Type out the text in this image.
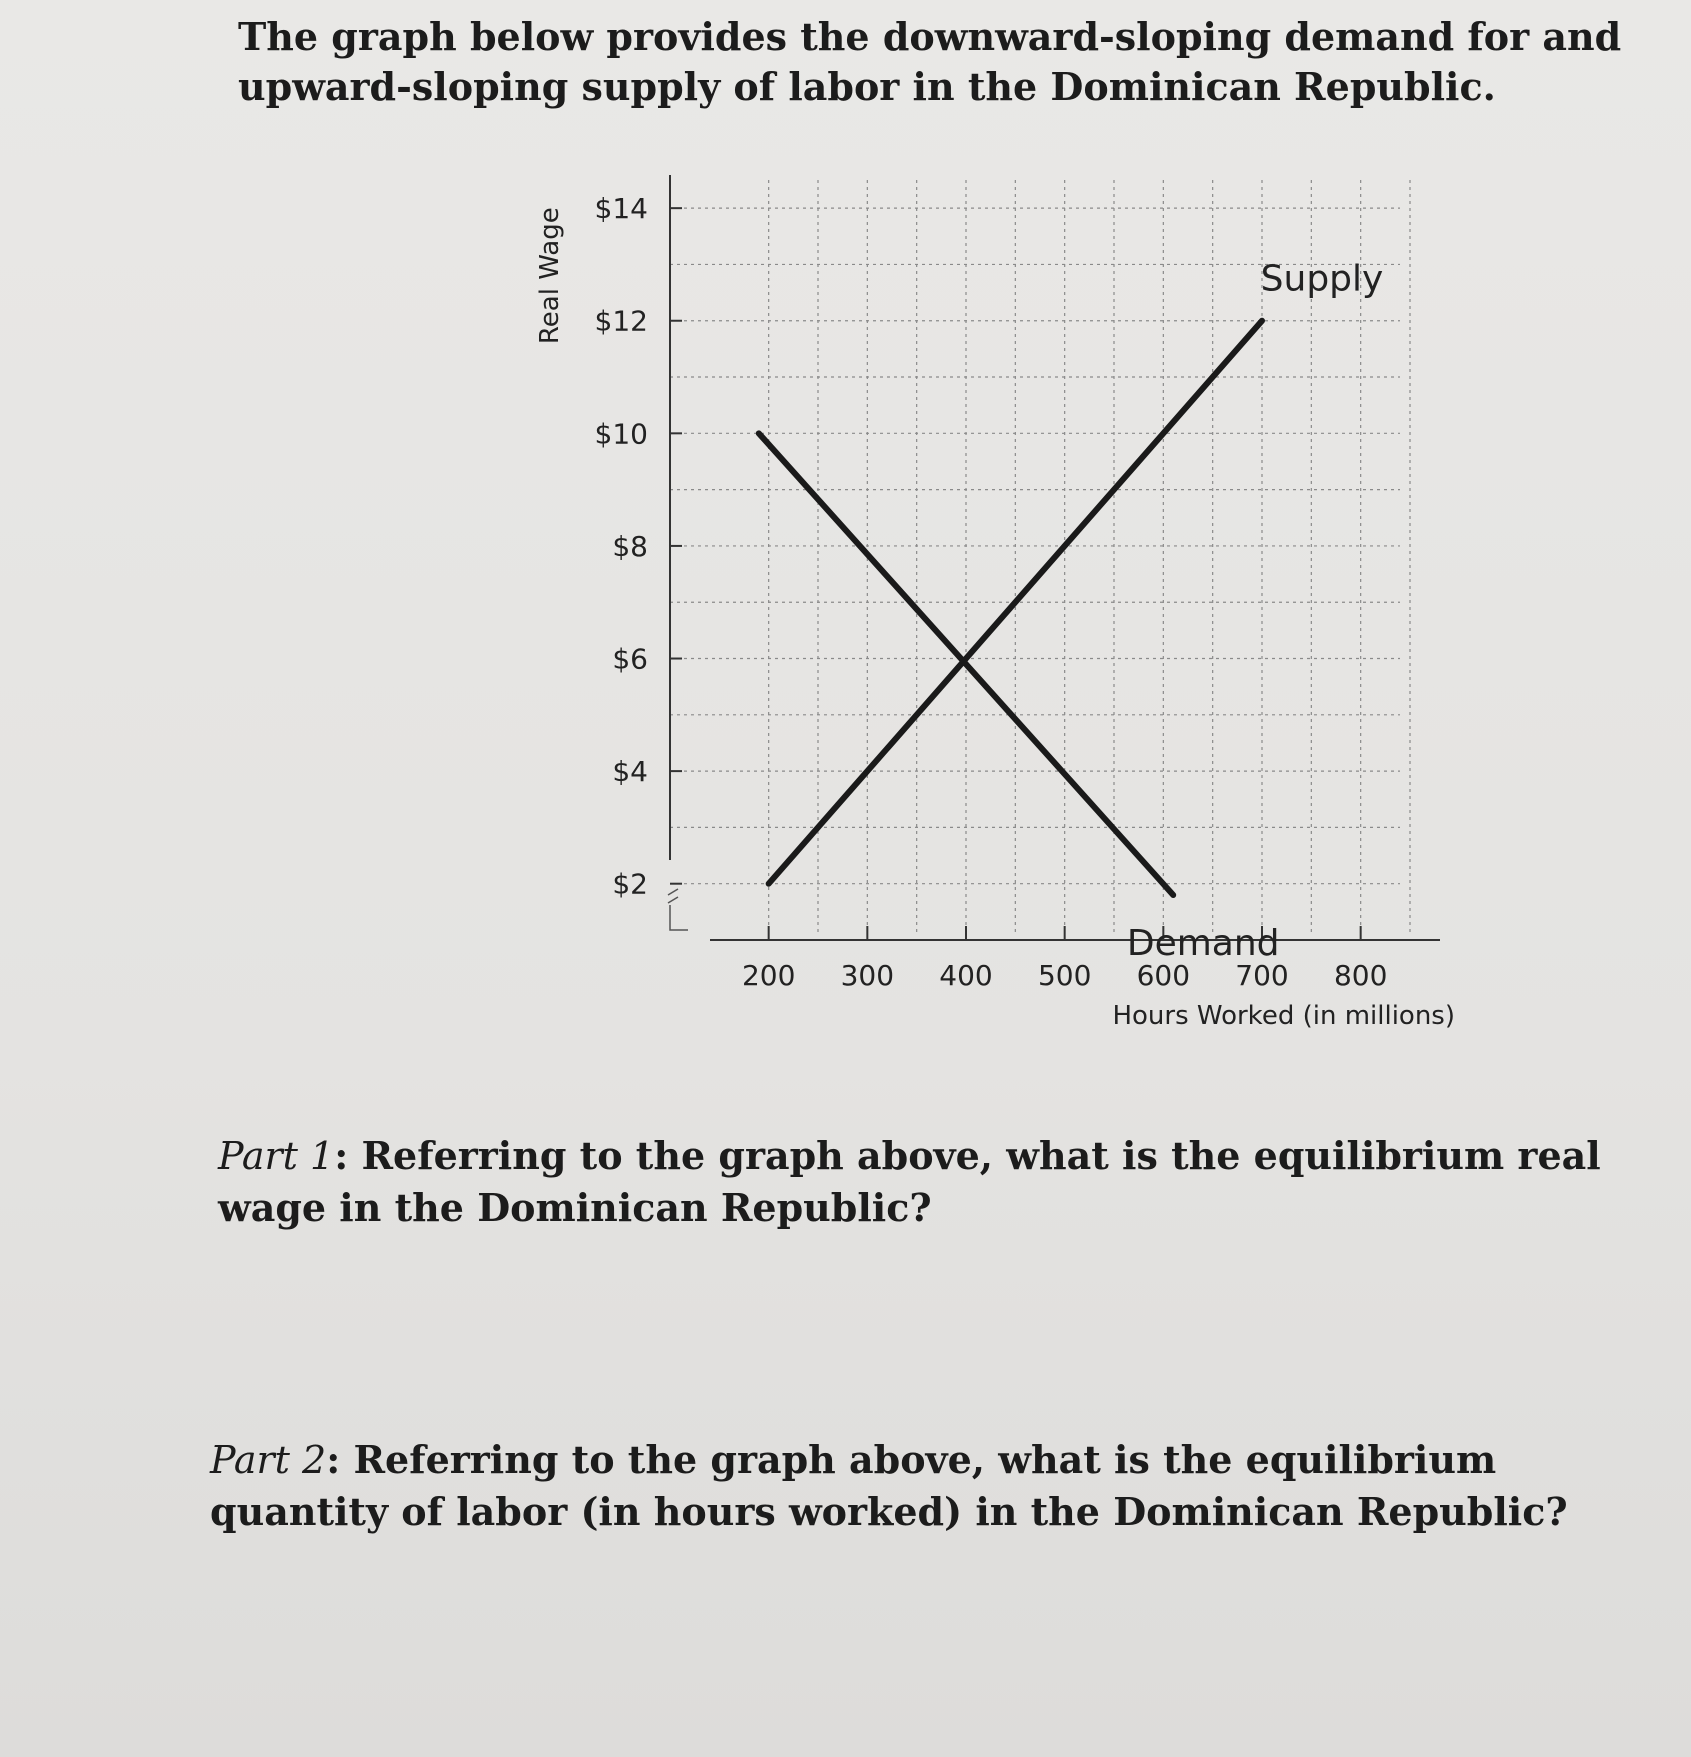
The graph below provides the downward-sloping demand for and upward-sloping supply of labor in the Dominican Republic.

$2
$4
$6
$8
$10
$12
$14
200 300 400 500 600 700 800
Real Wage
Hours Worked (in millions)
Supply
Demand

Part 1: Referring to the graph above, what is the equilibrium real wage in the Dominican Republic?

Part 2: Referring to the graph above, what is the equilibrium quantity of labor (in hours worked) in the Dominican Republic?
